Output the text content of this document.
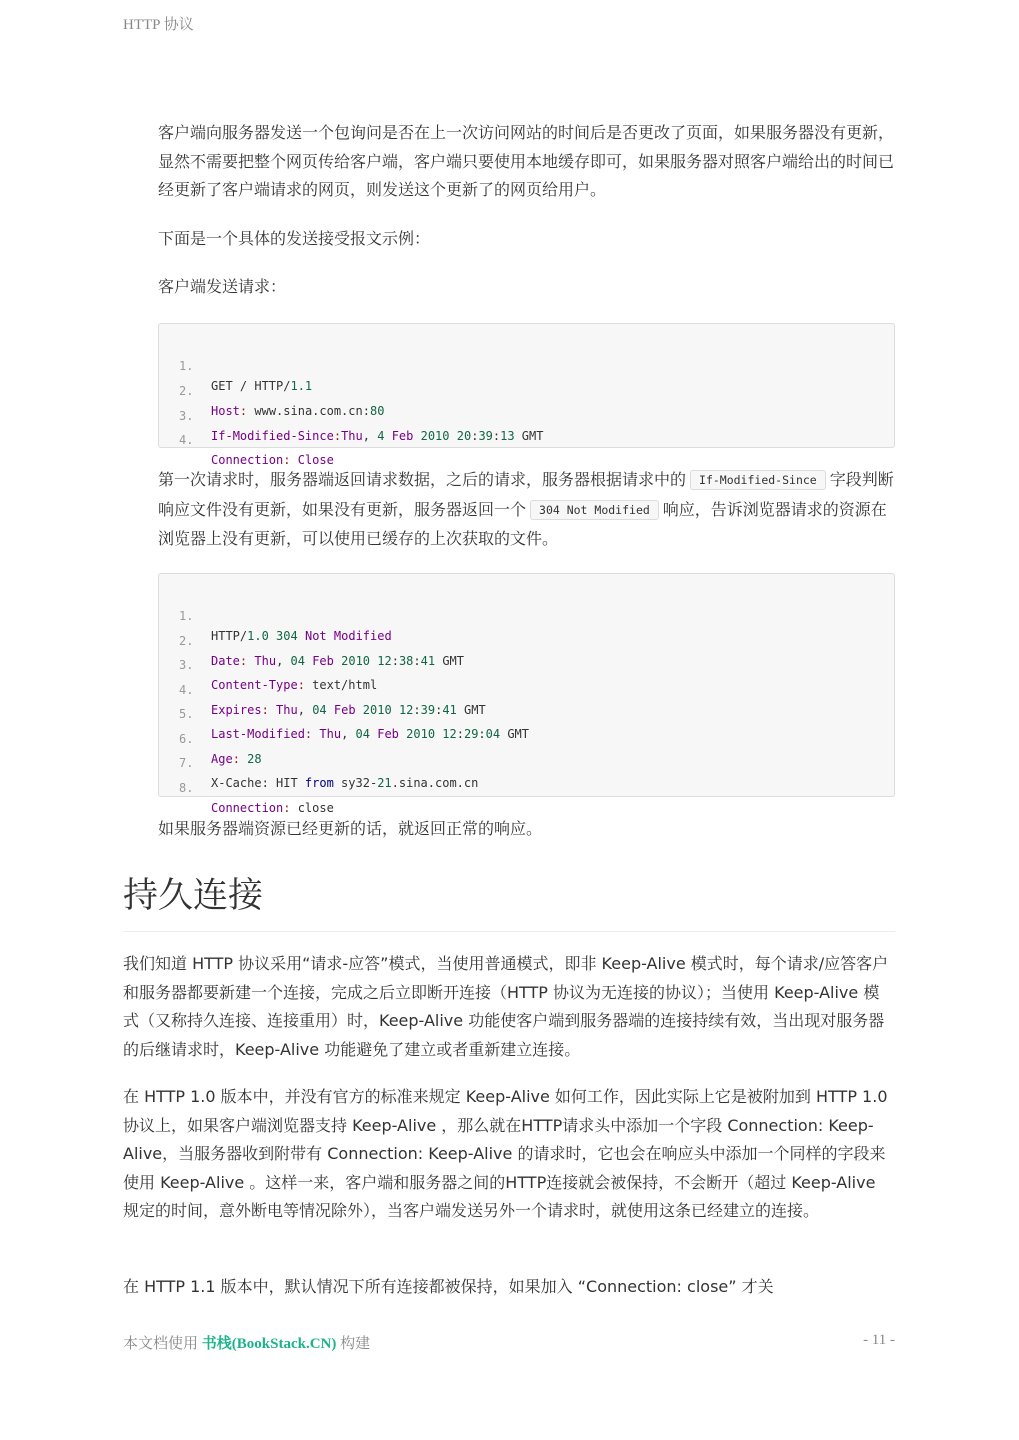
HTTP 协议

客户端向服务器发送一个包询问是否在上一次访问网站的时间后是否更改了页面，如果服务器没有更新，显然不需要把整个网页传给客户端，客户端只要使用本地缓存即可，如果服务器对照客户端给出的时间已经更新了客户端请求的网页，则发送这个更新了的网页给用户。

下面是一个具体的发送接受报文示例：

客户端发送请求：

1.

GET / HTTP/1.1

2.

Host: www.sina.com.cn:80

3.

If-Modified-Since:Thu, 4 Feb 2010 20:39:13 GMT

4.

Connection: Close

第一次请求时，服务器端返回请求数据，之后的请求，服务器根据请求中的 If-Modified-Since 字段判断响应文件没有更新，如果没有更新，服务器返回一个 304 Not Modified 响应，告诉浏览器请求的资源在浏览器上没有更新，可以使用已缓存的上次获取的文件。

1.

HTTP/1.0 304 Not Modified

2.

Date: Thu, 04 Feb 2010 12:38:41 GMT

3.

Content-Type: text/html

4.

Expires: Thu, 04 Feb 2010 12:39:41 GMT

5.

Last-Modified: Thu, 04 Feb 2010 12:29:04 GMT

6.

Age: 28

7.

X-Cache: HIT from sy32-21.sina.com.cn

8.

Connection: close

如果服务器端资源已经更新的话，就返回正常的响应。

持久连接

我们知道 HTTP 协议采用“请求-应答”模式，当使用普通模式，即非 Keep-Alive 模式时，每个请求/应答客户和服务器都要新建一个连接，完成之后立即断开连接（HTTP 协议为无连接的协议）；当使用 Keep-Alive 模式（又称持久连接、连接重用）时，Keep-Alive 功能使客户端到服务器端的连接持续有效，当出现对服务器的后继请求时，Keep-Alive 功能避免了建立或者重新建立连接。

在 HTTP 1.0 版本中，并没有官方的标准来规定 Keep-Alive 如何工作，因此实际上它是被附加到 HTTP 1.0协议上，如果客户端浏览器支持 Keep-Alive ，那么就在HTTP请求头中添加一个字段 Connection: Keep-Alive，当服务器收到附带有 Connection: Keep-Alive 的请求时，它也会在响应头中添加一个同样的字段来使用 Keep-Alive 。这样一来，客户端和服务器之间的HTTP连接就会被保持，不会断开（超过 Keep-Alive 规定的时间，意外断电等情况除外），当客户端发送另外一个请求时，就使用这条已经建立的连接。

在 HTTP 1.1 版本中，默认情况下所有连接都被保持，如果加入 “Connection: close” 才关

本文档使用 书栈(BookStack.CN) 构建	- 11 -
